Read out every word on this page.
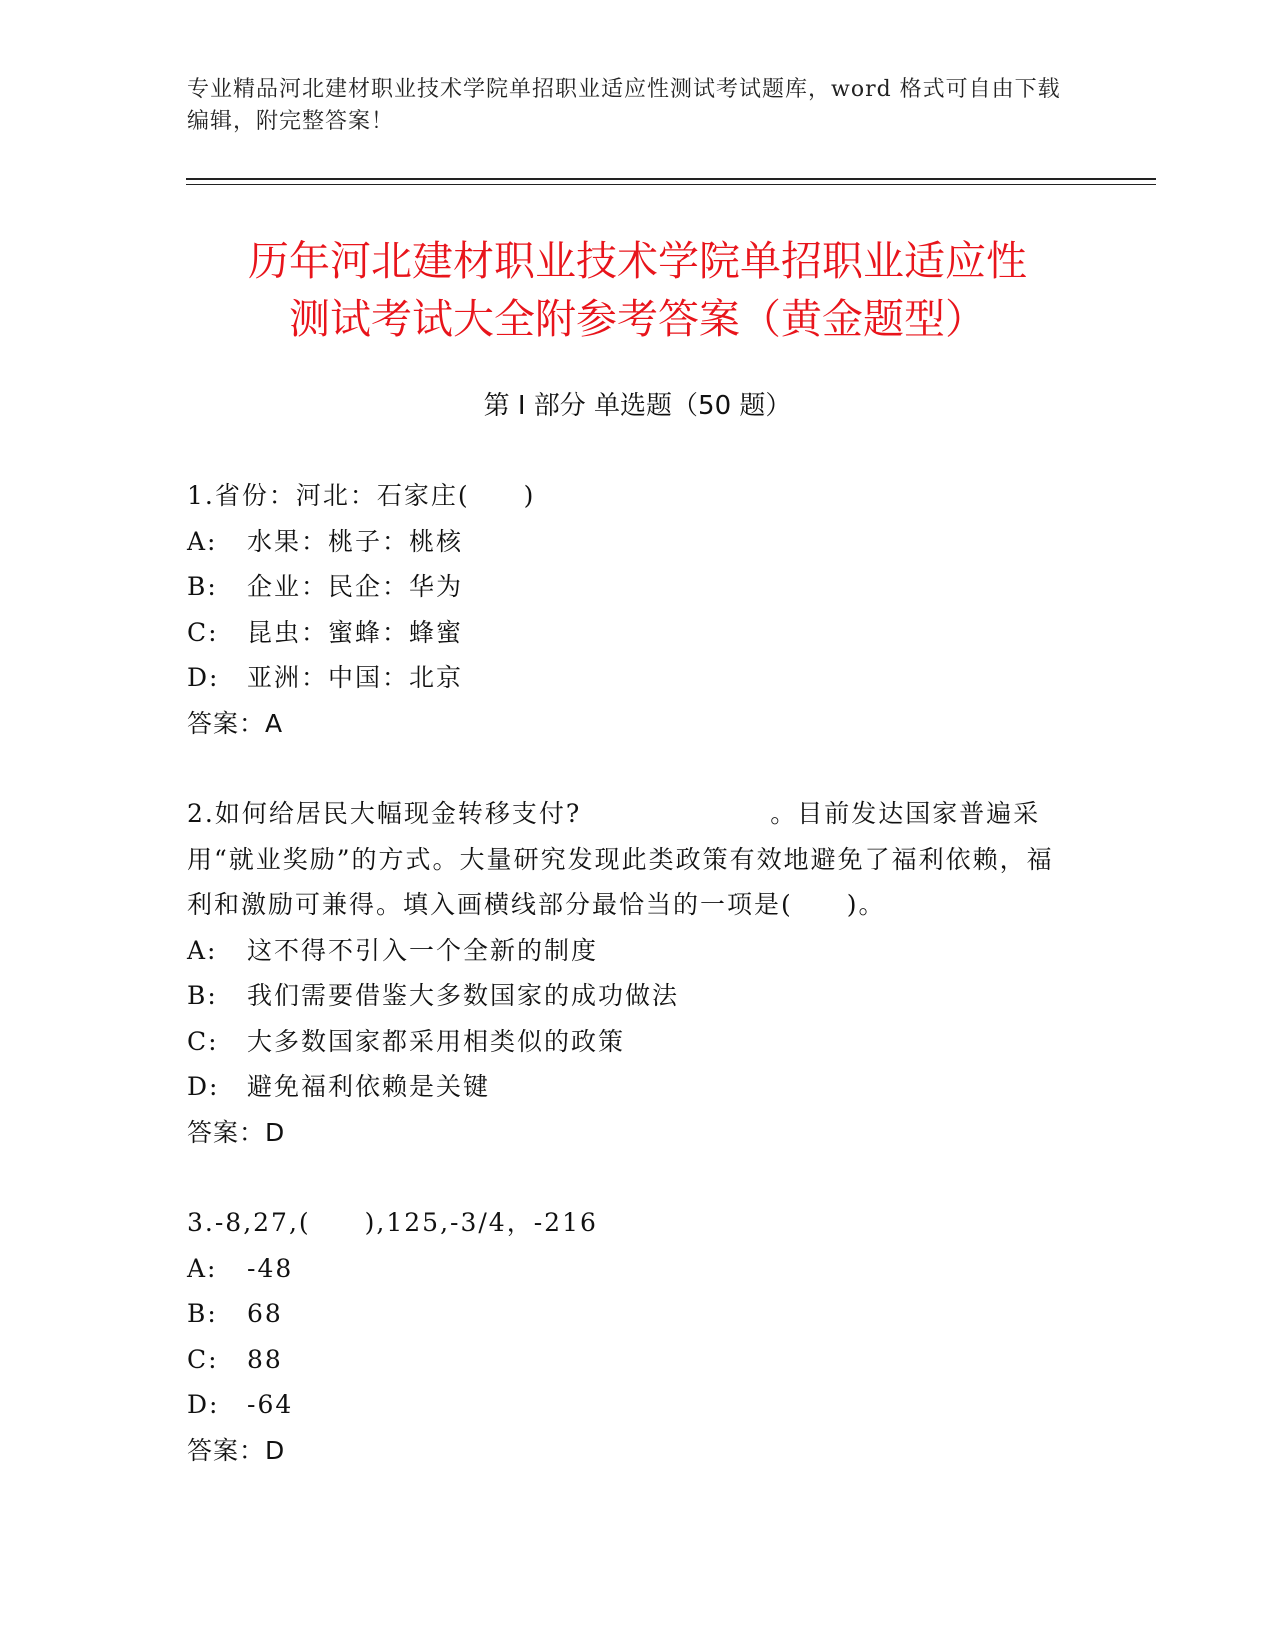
专业精品河北建材职业技术学院单招职业适应性测试考试题库，word 格式可自由下载编辑，附完整答案！
历年河北建材职业技术学院单招职业适应性
测试考试大全附参考答案（黄金题型）
第 I 部分 单选题（50 题）

1.省份：河北：石家庄(　　)

A:	水果：桃子：桃核
B:	企业：民企：华为
C:	昆虫：蜜蜂：蜂蜜
D:	亚洲：中国：北京

答案：A

2.如何给居民大幅现金转移支付?　　　　　　　。目前发达国家普遍采用“就业奖励”的方式。大量研究发现此类政策有效地避免了福利依赖，福利和激励可兼得。填入画横线部分最恰当的一项是(　　)。

A:	这不得不引入一个全新的制度
B:	我们需要借鉴大多数国家的成功做法
C:	大多数国家都采用相类似的政策
D:	避免福利依赖是关键

答案：D

3.-8,27,(　　),125,-3/4，-216

A:	-48
B:	68
C:	88
D:	-64

答案：D
